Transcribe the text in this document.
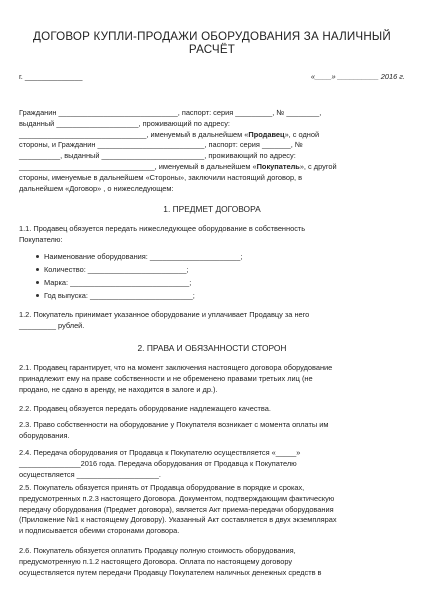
ДОГОВОР КУПЛИ-ПРОДАЖИ ОБОРУДОВАНИЯ ЗА НАЛИЧНЫЙ
РАСЧЁТ
г. ______________	«____» __________ 2016 г.
Гражданин _____________________________, паспорт: серия _________, № ________,
выданный ____________________, проживающий по адресу:
_______________________________, именуемый в дальнейшем «Продавец», с одной
стороны, и Гражданин __________________________, паспорт: серия _______, №
__________, выданный _________________________, проживающий по адресу:
_________________________________, именуемый в дальнейшем «Покупатель», с другой
стороны, именуемые в дальнейшем «Стороны», заключили настоящий договор, в
дальнейшем «Договор» , о нижеследующем:
1. ПРЕДМЕТ ДОГОВОРА
1.1. Продавец обязуется передать нижеследующее оборудование в собственность
Покупателю:
Наименование оборудования: ______________________;
Количество: ________________________;
Марка: _____________________________;
Год выпуска: _________________________;
1.2. Покупатель принимает указанное оборудование и уплачивает Продавцу за него
_________ рублей.
2. ПРАВА И ОБЯЗАННОСТИ СТОРОН
2.1. Продавец гарантирует, что на момент заключения настоящего договора оборудование
принадлежит ему на праве собственности и не обременено правами третьих лиц (не
продано, не сдано в аренду, не находится в залоге и др.).
2.2. Продавец обязуется передать оборудование надлежащего качества.
2.3. Право собственности на оборудование у Покупателя возникает с момента оплаты им
оборудования.
2.4. Передача оборудования от Продавца к Покупателю осуществляется «_____»
_______________2016 года. Передача оборудования от Продавца к Покупателю
осуществляется ____________________.
2.5. Покупатель обязуется принять от Продавца оборудование в порядке и сроках,
предусмотренных п.2.3 настоящего Договора. Документом, подтверждающим фактическую
передачу оборудования (Предмет договора), является Акт приема-передачи оборудования
(Приложение №1 к настоящему Договору). Указанный Акт составляется в двух экземплярах
и подписывается обеими сторонами договора.
2.6. Покупатель обязуется оплатить Продавцу полную стоимость оборудования,
предусмотренную п.1.2 настоящего Договора. Оплата по настоящему договору
осуществляется путем передачи Продавцу Покупателем наличных денежных средств в
